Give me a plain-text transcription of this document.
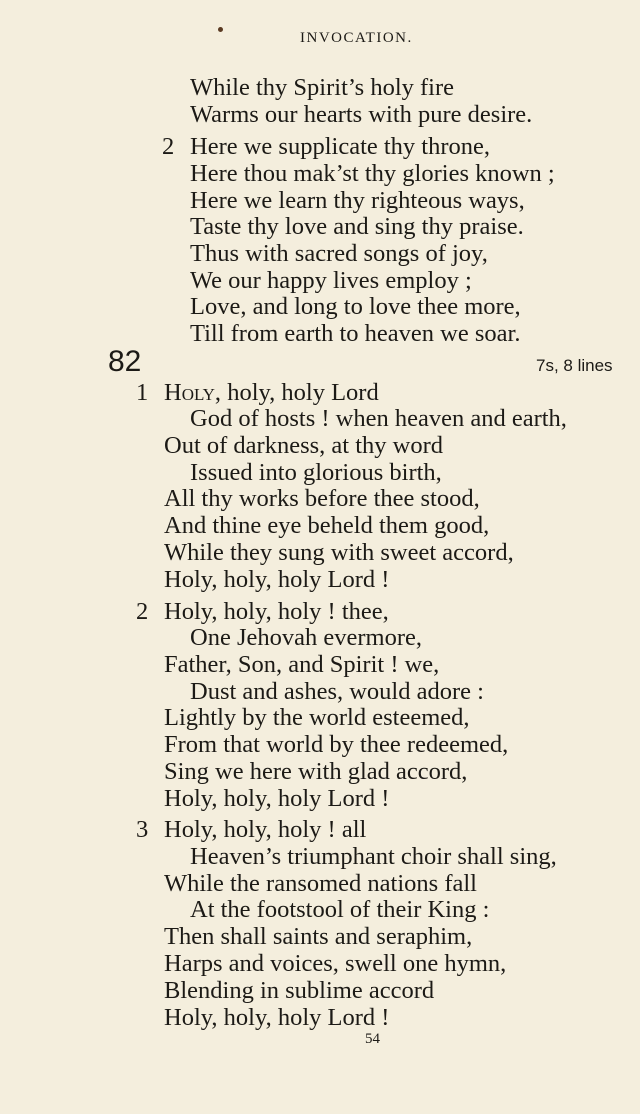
INVOCATION.
While thy Spirit’s holy fire
Warms our hearts with pure desire.
2 Here we supplicate thy throne,
Here thou mak’st thy glories known ;
Here we learn thy righteous ways,
Taste thy love and sing thy praise.
Thus with sacred songs of joy,
We our happy lives employ ;
Love, and long to love thee more,
Till from earth to heaven we soar.
82	7s, 8 lines
1 Holy, holy, holy Lord
God of hosts ! when heaven and earth,
Out of darkness, at thy word
Issued into glorious birth,
All thy works before thee stood,
And thine eye beheld them good,
While they sung with sweet accord,
Holy, holy, holy Lord !
2 Holy, holy, holy ! thee,
One Jehovah evermore,
Father, Son, and Spirit ! we,
Dust and ashes, would adore :
Lightly by the world esteemed,
From that world by thee redeemed,
Sing we here with glad accord,
Holy, holy, holy Lord !
3 Holy, holy, holy ! all
Heaven’s triumphant choir shall sing,
While the ransomed nations fall
At the footstool of their King :
Then shall saints and seraphim,
Harps and voices, swell one hymn,
Blending in sublime accord
Holy, holy, holy Lord !
54
